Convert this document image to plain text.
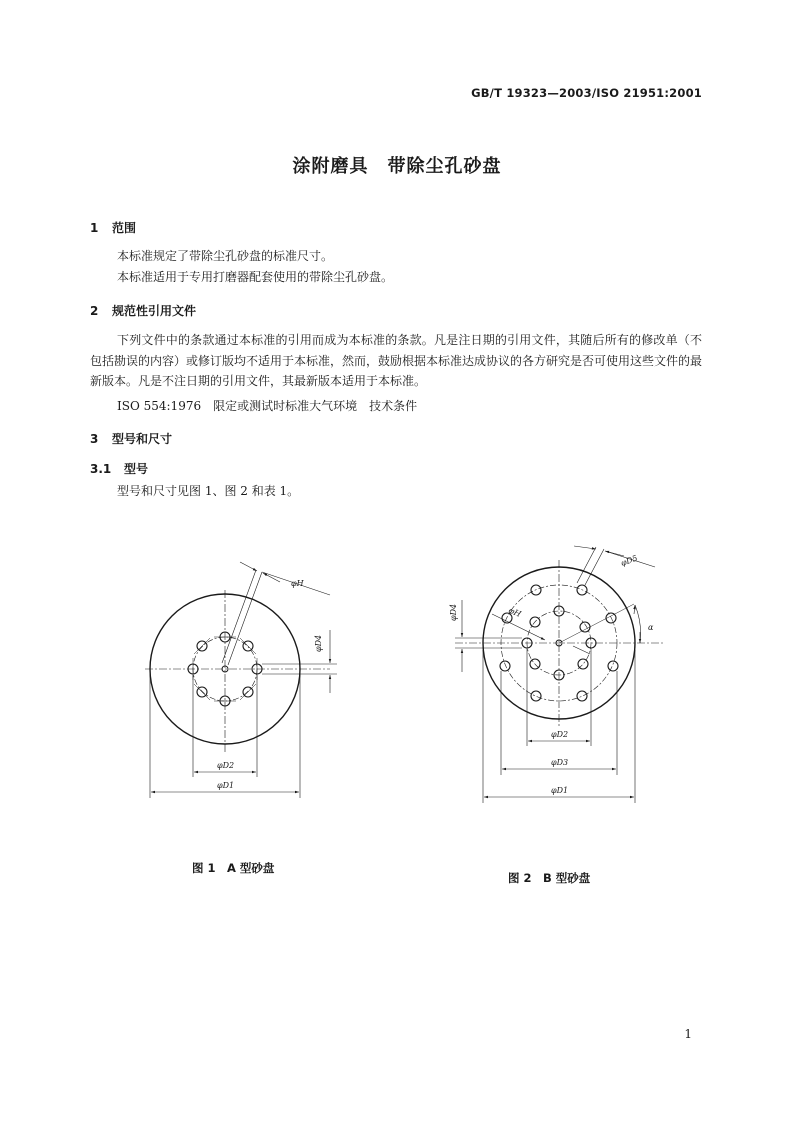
GB/T 19323—2003/ISO 21951:2001
涂附磨具　带除尘孔砂盘
1 范围
本标准规定了带除尘孔砂盘的标准尺寸。
本标准适用于专用打磨器配套使用的带除尘孔砂盘。
2 规范性引用文件
下列文件中的条款通过本标准的引用而成为本标准的条款。凡是注日期的引用文件，其随后所有的修改单（不包括勘误的内容）或修订版均不适用于本标准，然而，鼓励根据本标准达成协议的各方研究是否可使用这些文件的最新版本。凡是不注日期的引用文件，其最新版本适用于本标准。
ISO 554:1976　限定或测试时标准大气环境　技术条件
3 型号和尺寸
3.1 型号
型号和尺寸见图 1、图 2 和表 1。
φH
φD4
φD2
φD1
φD5
φD4	φH
α
φD2
φD3
φD1
图 1　A 型砂盘
图 2　B 型砂盘
1
